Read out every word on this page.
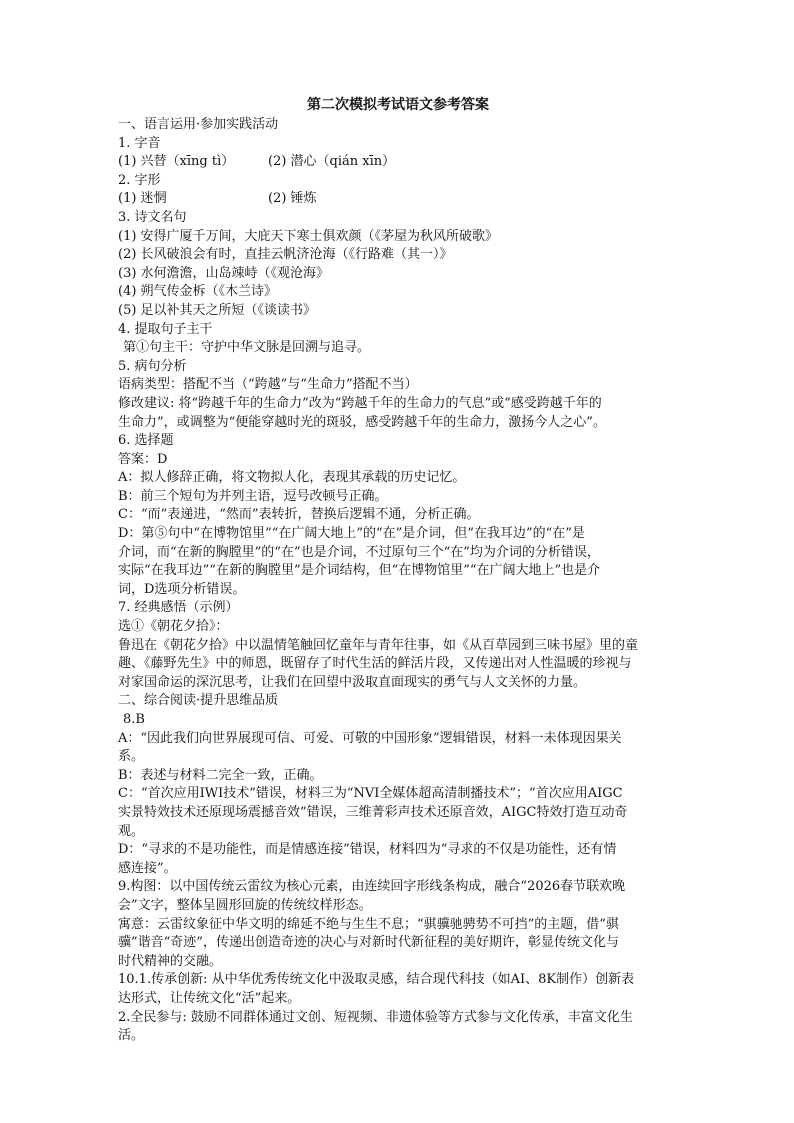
第二次模拟考试语文参考答案
一、语言运用·参加实践活动
1. 字音
(1) 兴替（xīng tì）	(2) 潜心（qián xīn）
2. 字形
(1) 迷惘	(2) 锤炼
3. 诗文名句
(1) 安得广厦千万间，大庇天下寒士俱欢颜（《茅屋为秋风所破歌》
(2) 长风破浪会有时，直挂云帆济沧海（《行路难（其一）》
(3) 水何澹澹，山岛竦峙（《观沧海》
(4) 朔气传金柝（《木兰诗》
(5) 足以补其天之所短（《谈读书》
4. 提取句子主干
第①句主干：守护中华文脉是回溯与追寻。
5. 病句分析
语病类型：搭配不当（“跨越”与“生命力”搭配不当）
修改建议: 将“跨越千年的生命力”改为“跨越千年的生命力的气息”或“感受跨越千年的
生命力”，或调整为“便能穿越时光的斑驳，感受跨越千年的生命力，激扬今人之心”。
6. 选择题
答案：D
A：拟人修辞正确，将文物拟人化，表现其承载的历史记忆。
B：前三个短句为并列主语，逗号改顿号正确。
C：“而”表递进，“然而”表转折，替换后逻辑不通，分析正确。
D：第⑤句中“在博物馆里”“在广阔大地上”的“在”是介词，但“在我耳边”的“在”是
介词，而“在新的胸膛里”的“在”也是介词，不过原句三个“在”均为介词的分析错误，
实际“在我耳边”“在新的胸膛里”是介词结构，但“在博物馆里”“在广阔大地上”也是介
词，D选项分析错误。
7. 经典感悟（示例）
选①《朝花夕拾》：
鲁迅在《朝花夕拾》中以温情笔触回忆童年与青年往事，如《从百草园到三味书屋》里的童
趣、《藤野先生》中的师恩，既留存了时代生活的鲜活片段，又传递出对人性温暖的珍视与
对家国命运的深沉思考，让我们在回望中汲取直面现实的勇气与人文关怀的力量。
二、综合阅读·提升思维品质
8.B
A：“因此我们向世界展现可信、可爱、可敬的中国形象”逻辑错误，材料一未体现因果关
系。
B：表述与材料二完全一致，正确。
C：“首次应用IWI技术”错误，材料三为“NVI全媒体超高清制播技术”；“首次应用AIGC
实景特效技术还原现场震撼音效”错误，三维菁彩声技术还原音效，AIGC特效打造互动奇
观。
D：“寻求的不是功能性，而是情感连接”错误，材料四为“寻求的不仅是功能性，还有情
感连接”。
9.构图：以中国传统云雷纹为核心元素，由连续回字形线条构成，融合“2026春节联欢晚
会”文字，整体呈圆形回旋的传统纹样形态。
寓意：云雷纹象征中华文明的绵延不绝与生生不息；“骐骥驰骋势不可挡”的主题，借“骐
骥”谐音“奇迹”，传递出创造奇迹的决心与对新时代新征程的美好期许，彰显传统文化与
时代精神的交融。
10.1.传承创新: 从中华优秀传统文化中汲取灵感，结合现代科技（如AI、8K制作）创新表
达形式，让传统文化“活”起来。
2.全民参与: 鼓励不同群体通过文创、短视频、非遗体验等方式参与文化传承，丰富文化生
活。
